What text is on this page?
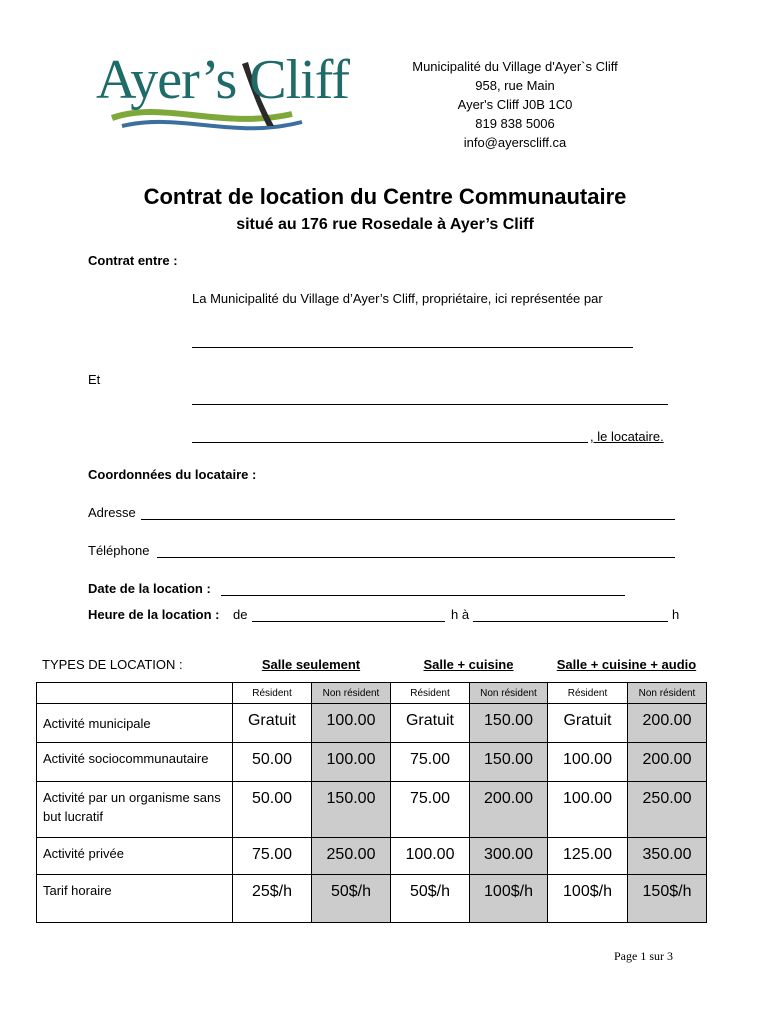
Ayer’s Cliff	Municipalité du Village d'Ayer`s Cliff
958, rue Main
Ayer's Cliff J0B 1C0
819 838 5006
info@ayerscliff.ca
Contrat de location du Centre Communautaire
situé au 176 rue Rosedale à Ayer’s Cliff
Contrat entre :
La Municipalité du Village d’Ayer’s Cliff, propriétaire, ici représentée par
Et
, le locataire.
Coordonnées du locataire :
Adresse
Téléphone
Date de la location :
Heure de la location : de	h à	h
TYPES DE LOCATION :	Salle seulement	Salle + cuisine	Salle + cuisine + audio
	Résident	Non résident	Résident	Non résident	Résident	Non résident
Activité municipale	Gratuit	100.00	Gratuit	150.00	Gratuit	200.00
Activité sociocommunautaire	50.00	100.00	75.00	150.00	100.00	200.00
Activité par un organisme sans but lucratif	50.00	150.00	75.00	200.00	100.00	250.00
Activité privée	75.00	250.00	100.00	300.00	125.00	350.00
Tarif horaire	25$/h	50$/h	50$/h	100$/h	100$/h	150$/h
Page 1 sur 3
